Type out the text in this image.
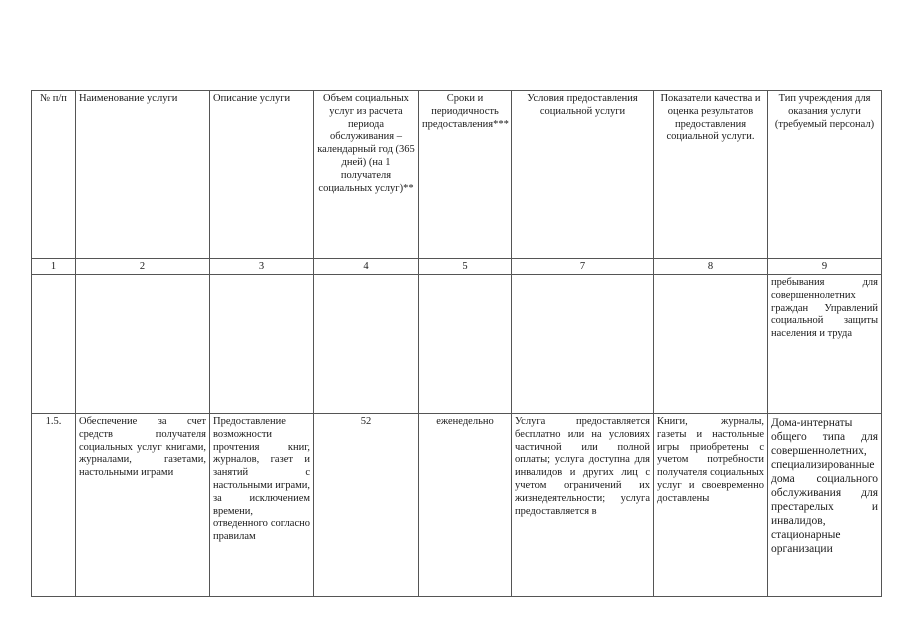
№ п/п	Наименование услуги	Описание услуги	Объем социальных услуг из расчета периода обслуживания – календарный год (365 дней) (на 1 получателя социальных услуг)**	Сроки и периодичность предоставления***	Условия предоставления социальной услуги	Показатели качества и оценка результатов предоставления социальной услуги.	Тип учреждения для оказания услуги (требуемый персонал)
1	2	3	4	5	7	8	9
							пребывания для совершеннолетних граждан Управлений социальной защиты населения и труда
1.5.	Обеспечение за счет средств получателя социальных услуг книгами, журналами, газетами, настольными играми	Предоставление возможности прочтения книг, журналов, газет и занятий с настольными играми, за исключением времени, отведенного согласно правилам	52	еженедельно	Услуга предоставляется бесплатно или на условиях частичной или полной оплаты; услуга доступна для инвалидов и других лиц с учетом ограничений их жизнедеятельности; услуга предоставляется в	Книги, журналы, газеты и настольные игры приобретены с учетом потребности получателя социальных услуг и своевременно доставлены	Дома-интернаты общего типа для совершеннолетних, специализированные дома социального обслуживания для престарелых и инвалидов, стационарные организации
